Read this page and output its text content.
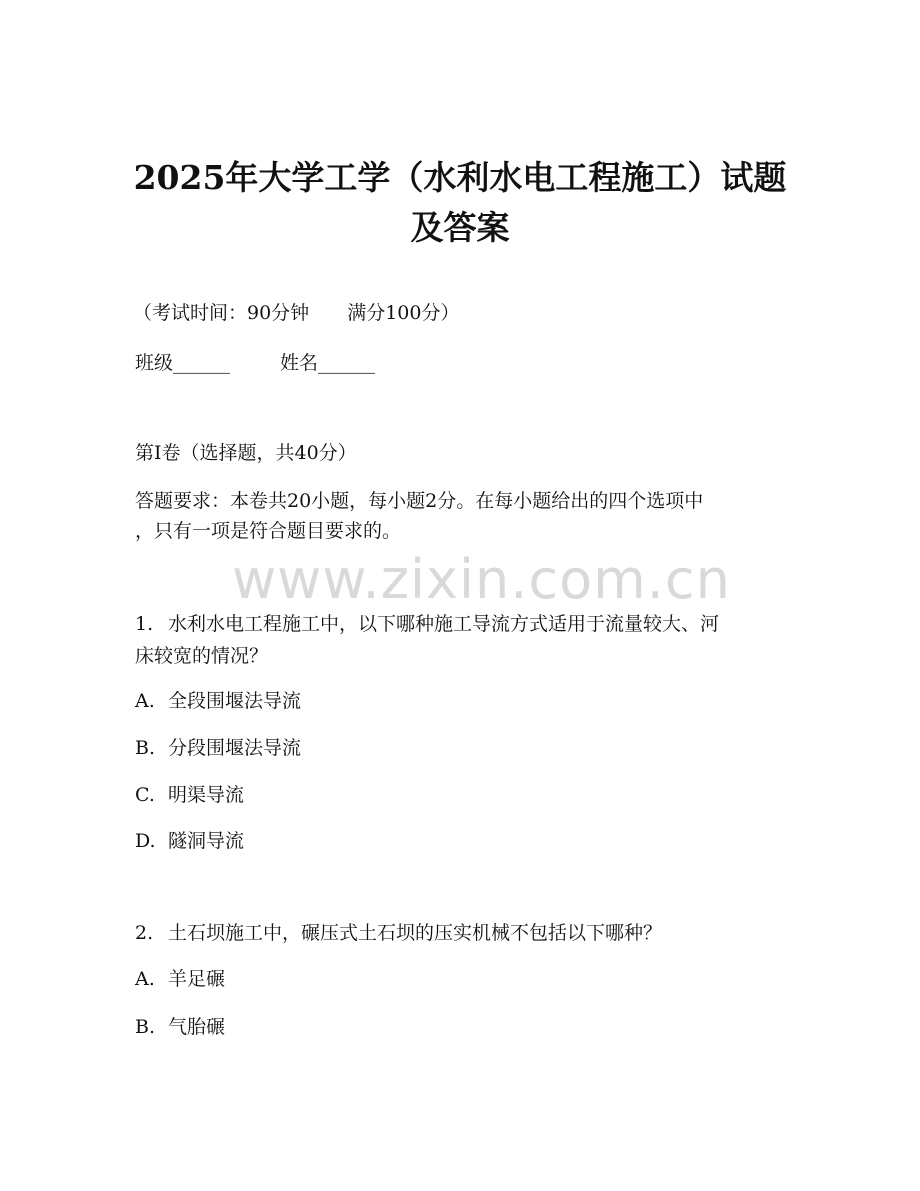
www.zixin.com.cn
2025年大学工学（水利水电工程施工）试题
及答案

（考试时间：90分钟 满分100分）

班级______	姓名______

第I卷（选择题，共40分）

答题要求：本卷共20小题，每小题2分。在每小题给出的四个选项中

，只有一项是符合题目要求的。

1. 水利水电工程施工中，以下哪种施工导流方式适用于流量较大、河

床较宽的情况？

A. 全段围堰法导流

B. 分段围堰法导流

C. 明渠导流

D. 隧洞导流

2. 土石坝施工中，碾压式土石坝的压实机械不包括以下哪种？

A. 羊足碾

B. 气胎碾
